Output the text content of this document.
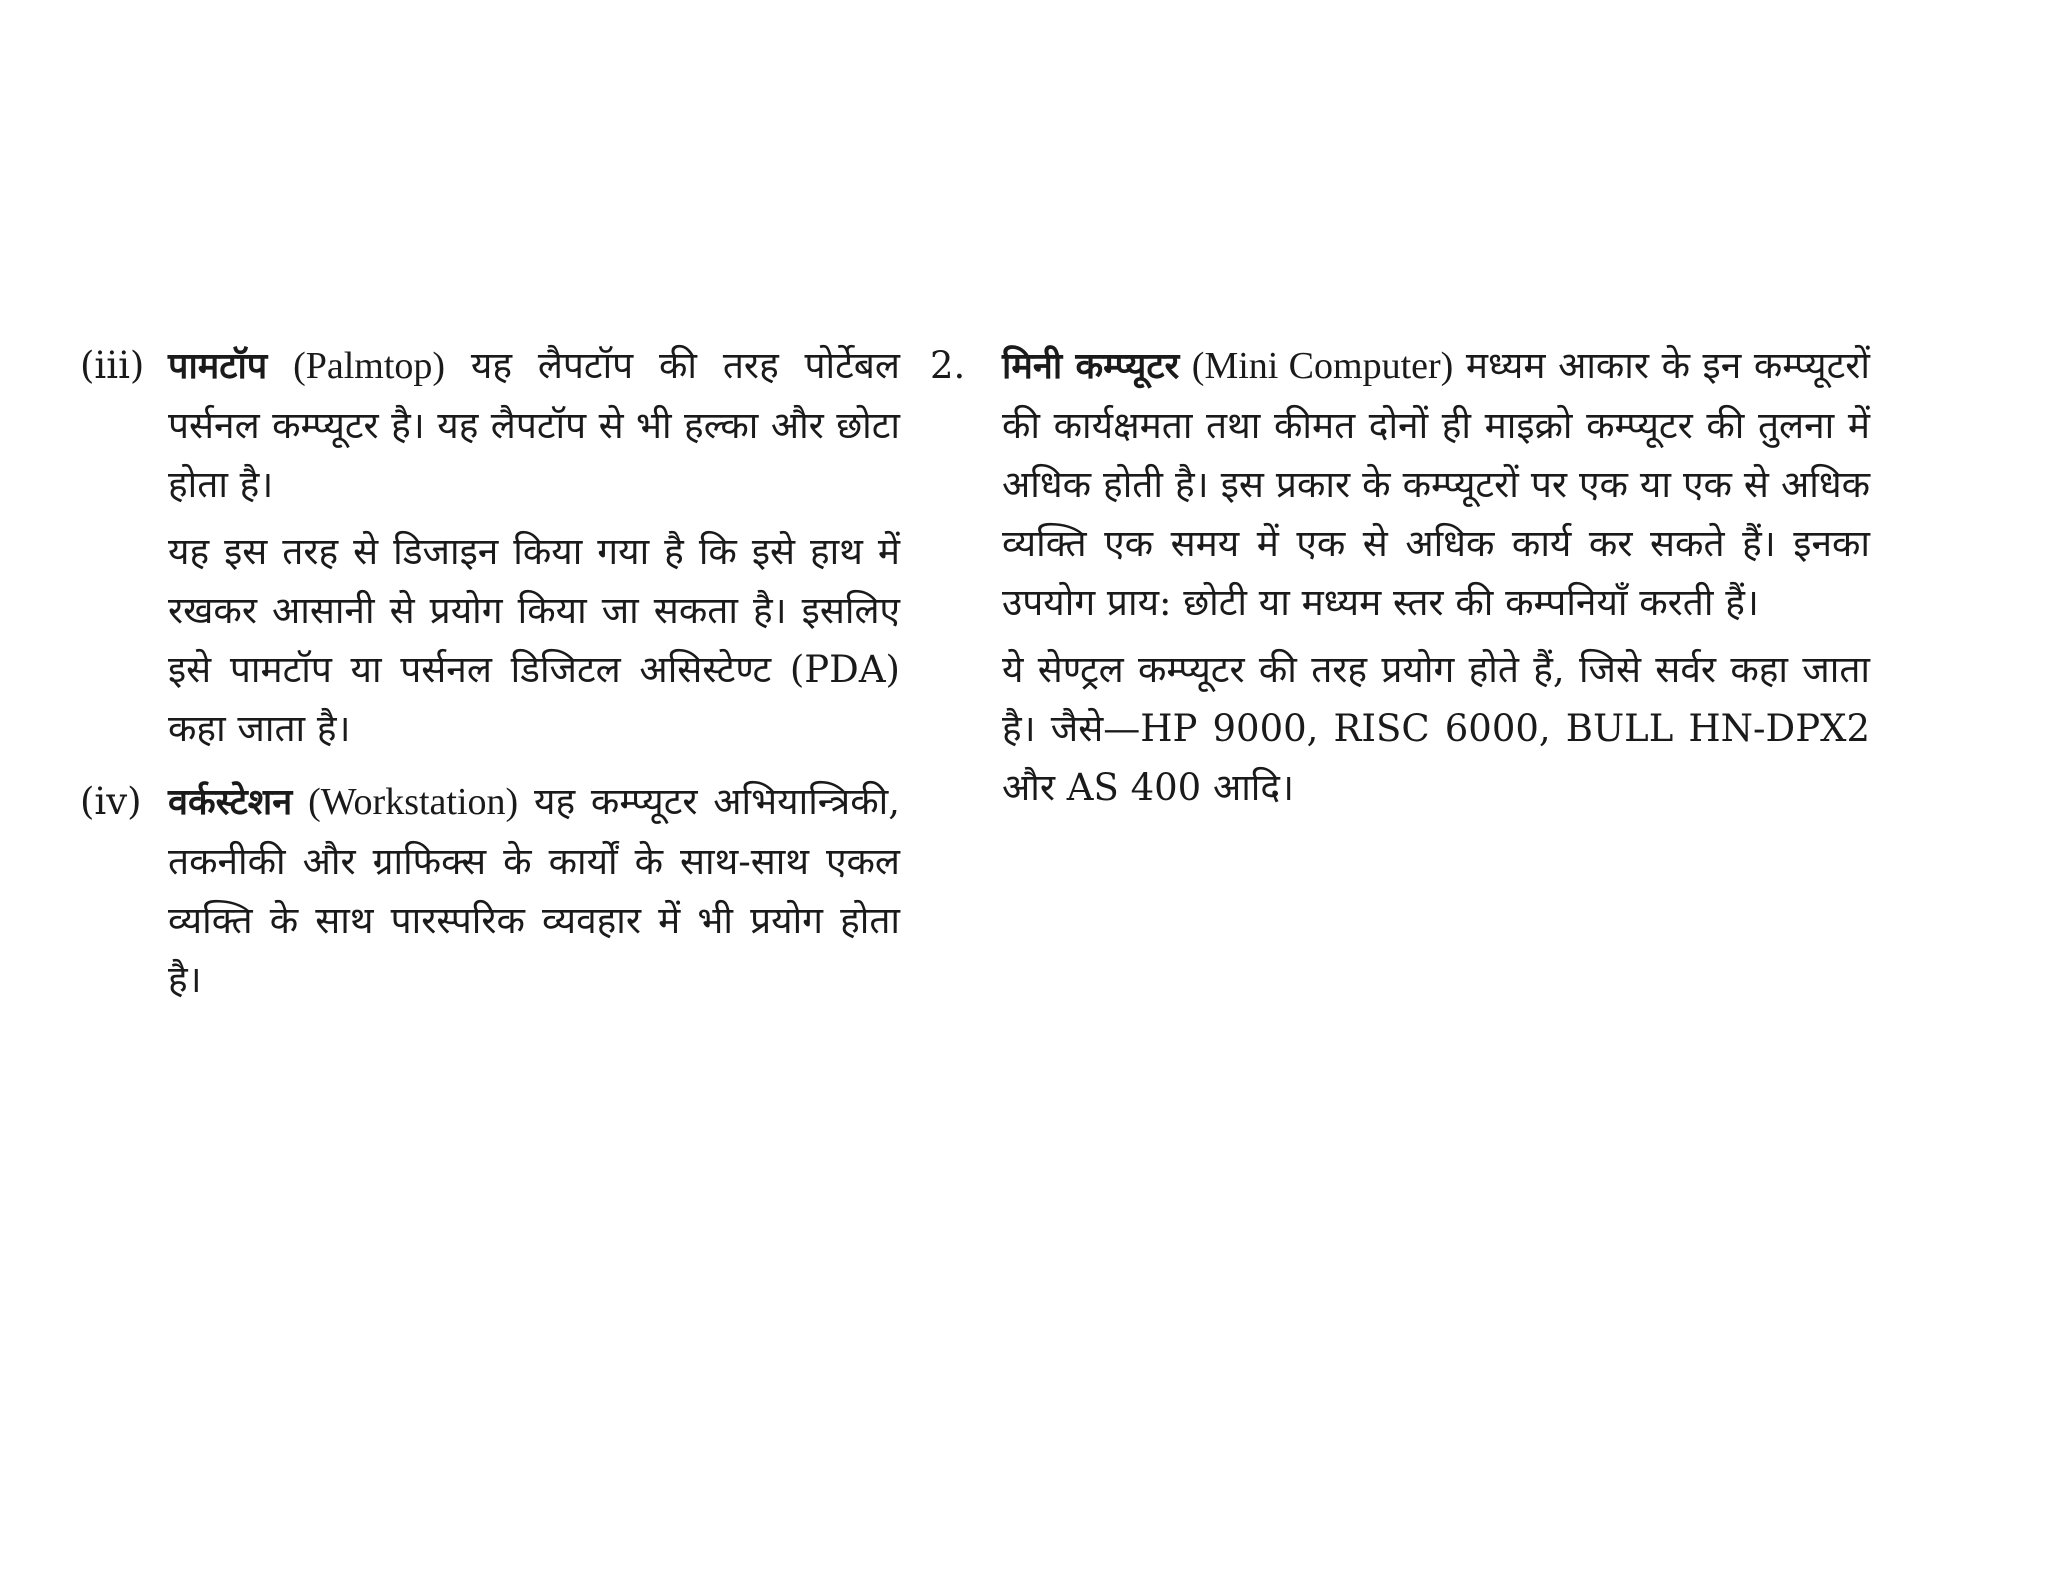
(iii) पामटॉप (Palmtop) यह लैपटॉप की तरह पोर्टेबल पर्सनल कम्प्यूटर है। यह लैपटॉप से भी हल्का और छोटा होता है।

यह इस तरह से डिजाइन किया गया है कि इसे हाथ में रखकर आसानी से प्रयोग किया जा सकता है। इसलिए इसे पामटॉप या पर्सनल डिजिटल असिस्टेण्ट (PDA) कहा जाता है।

(iv) वर्कस्टेशन (Workstation) यह कम्प्यूटर अभियान्त्रिकी, तकनीकी और ग्राफिक्स के कार्यों के साथ-साथ एकल व्यक्ति के साथ पारस्परिक व्यवहार में भी प्रयोग होता है।

2.	मिनी कम्प्यूटर (Mini Computer) मध्यम आकार के इन कम्प्यूटरों की कार्यक्षमता तथा कीमत दोनों ही माइक्रो कम्प्यूटर की तुलना में अधिक होती है। इस प्रकार के कम्प्यूटरों पर एक या एक से अधिक व्यक्ति एक समय में एक से अधिक कार्य कर सकते हैं। इनका उपयोग प्राय: छोटी या मध्यम स्तर की कम्पनियाँ करती हैं।

ये सेण्ट्रल कम्प्यूटर की तरह प्रयोग होते हैं, जिसे सर्वर कहा जाता है। जैसे—HP 9000, RISC 6000, BULL HN-DPX2 और AS 400 आदि।
